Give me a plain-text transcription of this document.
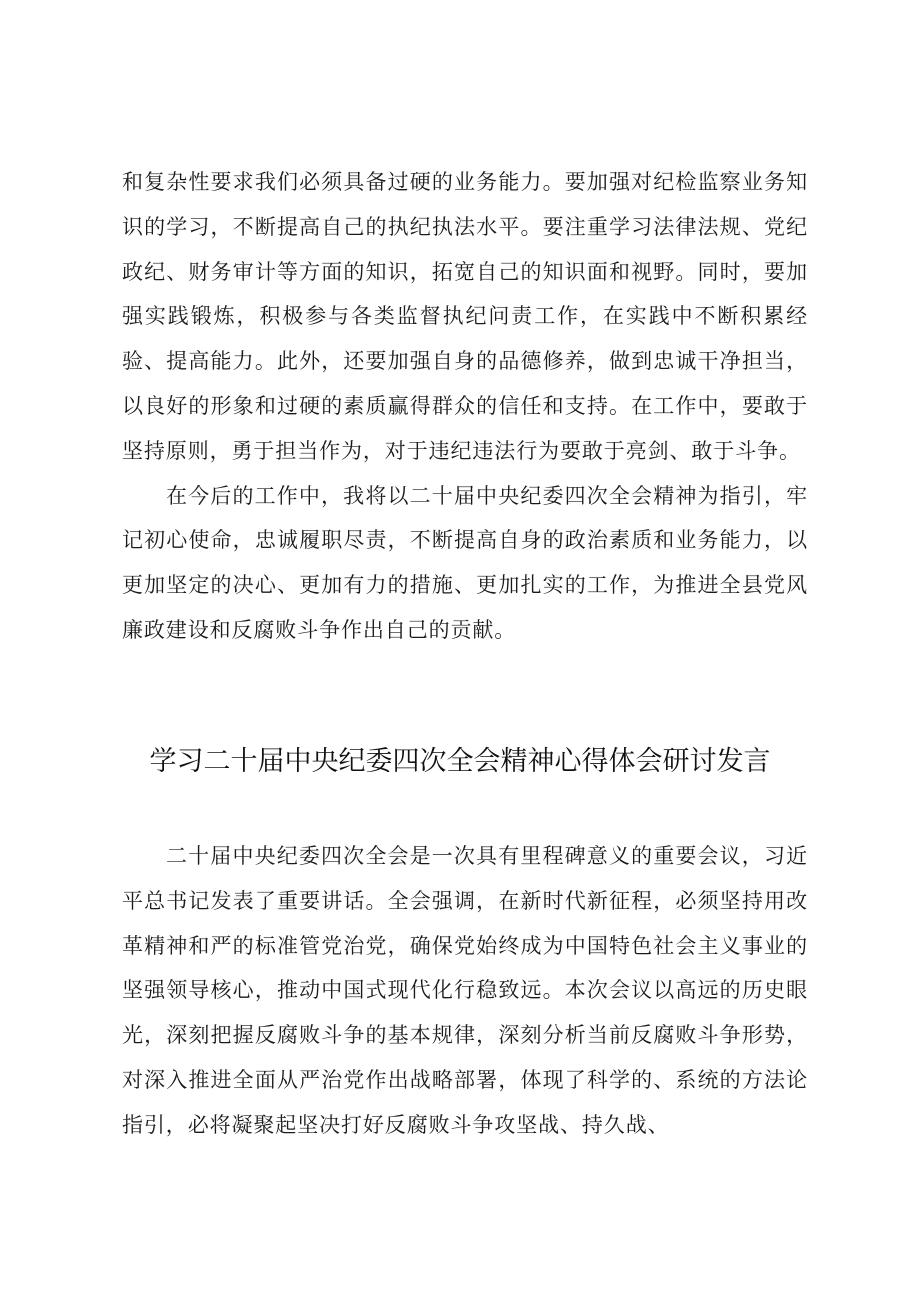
和复杂性要求我们必须具备过硬的业务能力。要加强对纪检监察业务知识的学习，不断提高自己的执纪执法水平。要注重学习法律法规、党纪政纪、财务审计等方面的知识，拓宽自己的知识面和视野。同时，要加强实践锻炼，积极参与各类监督执纪问责工作，在实践中不断积累经验、提高能力。此外，还要加强自身的品德修养，做到忠诚干净担当，以良好的形象和过硬的素质赢得群众的信任和支持。在工作中，要敢于坚持原则，勇于担当作为，对于违纪违法行为要敢于亮剑、敢于斗争。

在今后的工作中，我将以二十届中央纪委四次全会精神为指引，牢记初心使命，忠诚履职尽责，不断提高自身的政治素质和业务能力，以更加坚定的决心、更加有力的措施、更加扎实的工作，为推进全县党风廉政建设和反腐败斗争作出自己的贡献。

学习二十届中央纪委四次全会精神心得体会研讨发言

二十届中央纪委四次全会是一次具有里程碑意义的重要会议，习近平总书记发表了重要讲话。全会强调，在新时代新征程，必须坚持用改革精神和严的标准管党治党，确保党始终成为中国特色社会主义事业的坚强领导核心，推动中国式现代化行稳致远。本次会议以高远的历史眼光，深刻把握反腐败斗争的基本规律，深刻分析当前反腐败斗争形势，对深入推进全面从严治党作出战略部署，体现了科学的、系统的方法论指引，必将凝聚起坚决打好反腐败斗争攻坚战、持久战、
